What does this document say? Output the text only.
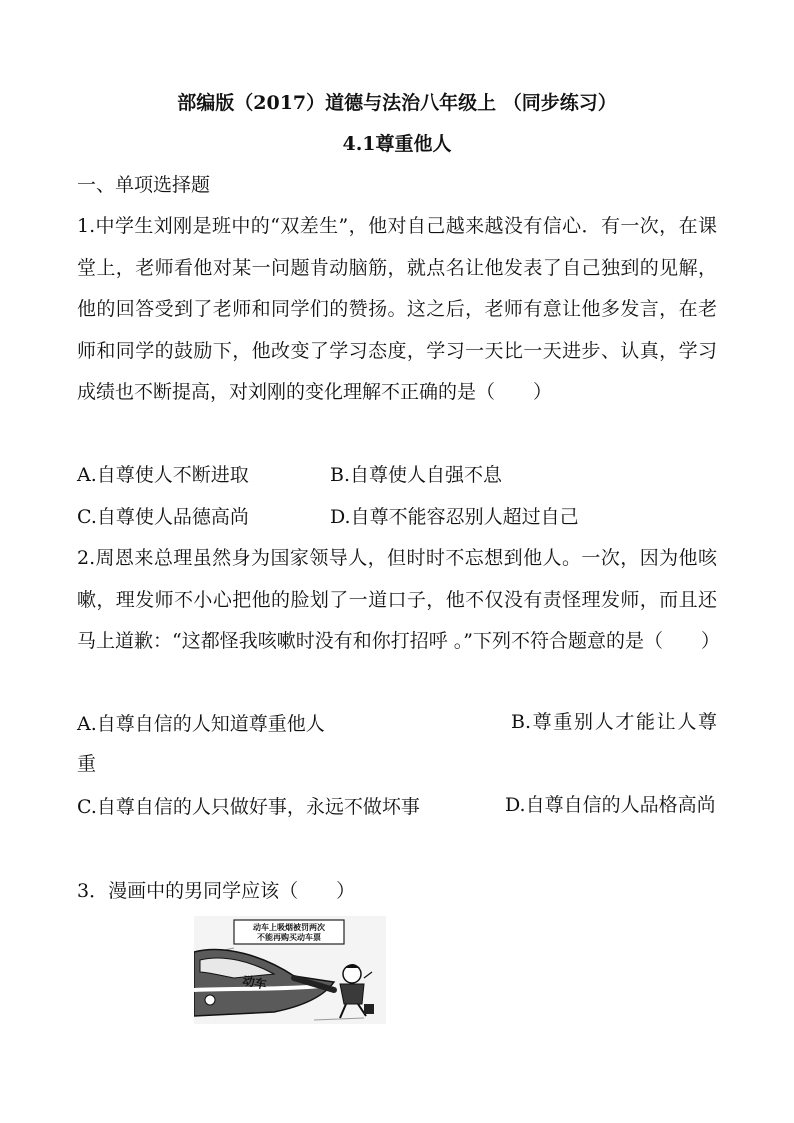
部编版（2017）道德与法治八年级上 （同步练习）
4.1尊重他人
一、单项选择题
1.中学生刘刚是班中的“双差生”，他对自己越来越没有信心．有一次，在课堂上，老师看他对某一问题肯动脑筋，就点名让他发表了自己独到的见解，他的回答受到了老师和同学们的赞扬。这之后，老师有意让他多发言，在老师和同学的鼓励下，他改变了学习态度，学习一天比一天进步、认真，学习成绩也不断提高，对刘刚的变化理解不正确的是（　　）
A.自尊使人不断进取	B.自尊使人自强不息
C.自尊使人品德高尚	D.自尊不能容忍别人超过自己
2.周恩来总理虽然身为国家领导人，但时时不忘想到他人。一次，因为他咳嗽，理发师不小心把他的脸划了一道口子，他不仅没有责怪理发师，而且还马上道歉：“这都怪我咳嗽时没有和你打招呼 。”下列不符合题意的是（　　）
A.自尊自信的人知道尊重他人	B.尊重别人才能让人尊重
C.自尊自信的人只做好事，永远不做坏事	D.自尊自信的人品格高尚
3．漫画中的男同学应该（　　）
动车上吸烟被罚两次
不能再购买动车票
动车
